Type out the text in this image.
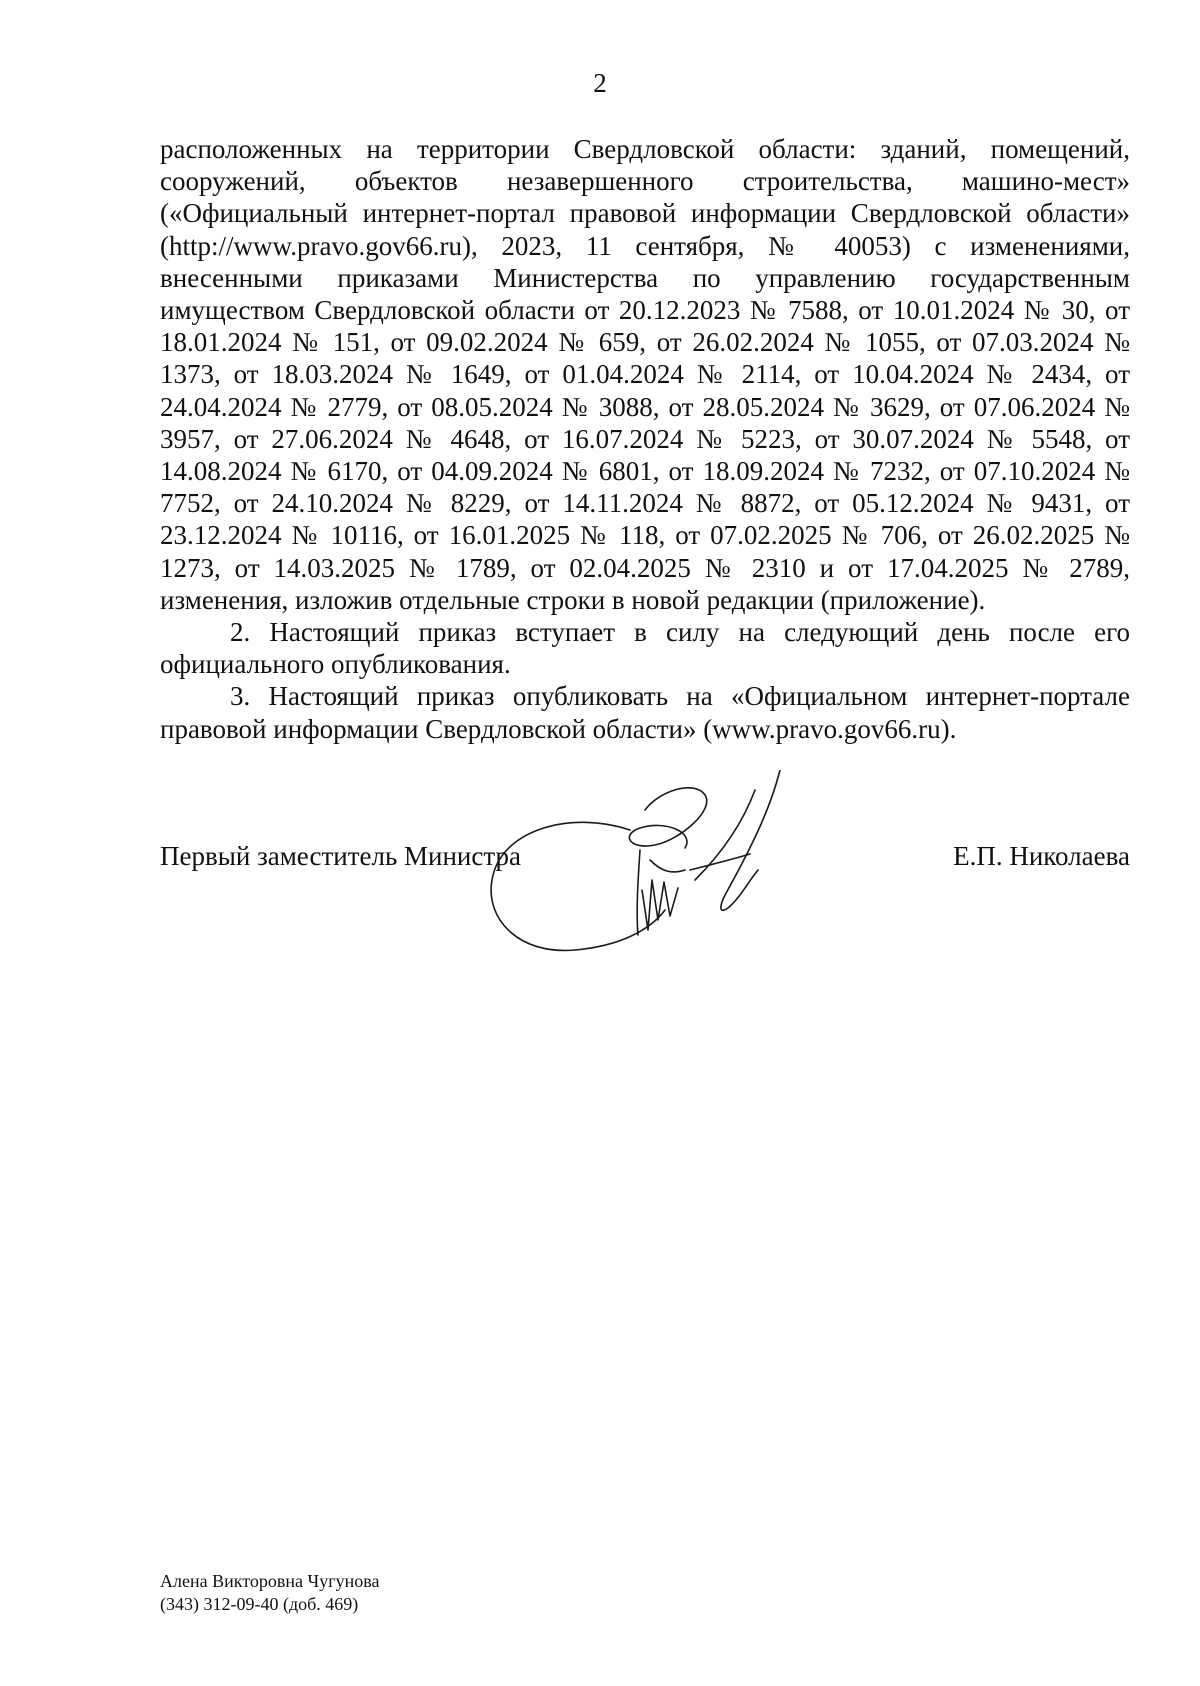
2

расположенных на территории Свердловской области: зданий, помещений, сооружений, объектов незавершенного строительства, машино-мест» («Официальный интернет-портал правовой информации Свердловской области» (http://www.pravo.gov66.ru), 2023, 11 сентября, № 40053) с изменениями, внесенными приказами Министерства по управлению государственным имуществом Свердловской области от 20.12.2023 № 7588, от 10.01.2024 № 30, от 18.01.2024 № 151, от 09.02.2024 № 659, от 26.02.2024 № 1055, от 07.03.2024 № 1373, от 18.03.2024 № 1649, от 01.04.2024 № 2114, от 10.04.2024 № 2434, от 24.04.2024 № 2779, от 08.05.2024 № 3088, от 28.05.2024 № 3629, от 07.06.2024 № 3957, от 27.06.2024 № 4648, от 16.07.2024 № 5223, от 30.07.2024 № 5548, от 14.08.2024 № 6170, от 04.09.2024 № 6801, от 18.09.2024 № 7232, от 07.10.2024 № 7752, от 24.10.2024 № 8229, от 14.11.2024 № 8872, от 05.12.2024 № 9431, от 23.12.2024 № 10116, от 16.01.2025 № 118, от 07.02.2025 № 706, от 26.02.2025 № 1273, от 14.03.2025 № 1789, от 02.04.2025 № 2310 и от 17.04.2025 № 2789, изменения, изложив отдельные строки в новой редакции (приложение).

2. Настоящий приказ вступает в силу на следующий день после его официального опубликования.

3. Настоящий приказ опубликовать на «Официальном интернет-портале правовой информации Свердловской области» (www.pravo.gov66.ru).

Первый заместитель Министра	Е.П. Николаева
Алена Викторовна Чугунова
(343) 312-09-40 (доб. 469)
